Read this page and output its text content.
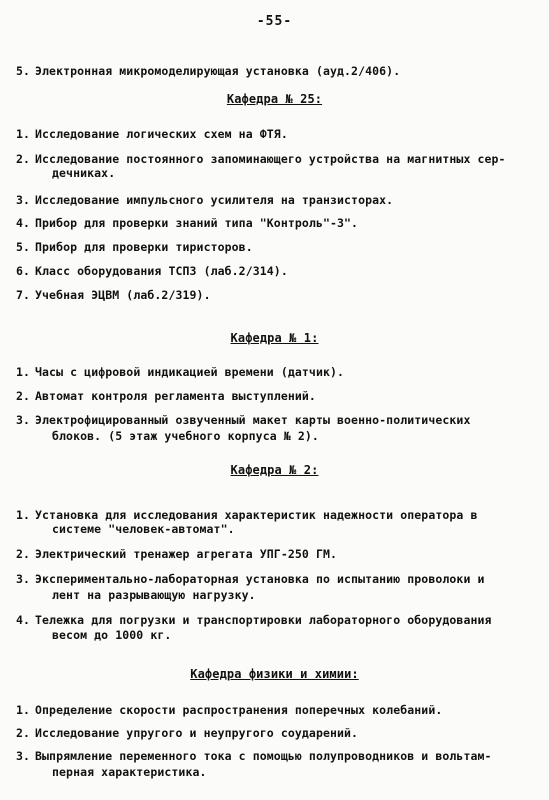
-55-
5. Электронная микромоделирующая установка (ауд.2/406).
Кафедра № 25:
1. Исследование логических схем на ФТЯ.
2. Исследование постоянного запоминающего устройства на магнитных сер-
дечниках.
3. Исследование импульсного усилителя на транзисторах.
4. Прибор для проверки знаний типа "Контроль"-3".
5. Прибор для проверки тиристоров.
6. Класс оборудования ТСПЗ (лаб.2/314).
7. Учебная ЭЦВМ (лаб.2/319).
Кафедра № 1:
1. Часы с цифровой индикацией времени (датчик).
2. Автомат контроля регламента выступлений.
3. Электрофицированный озвученный макет карты военно-политических
блоков. (5 этаж учебного корпуса № 2).
Кафедра № 2:
1. Установка для исследования характеристик надежности оператора в
системе "человек-автомат".
2. Электрический тренажер агрегата УПГ-250 ГМ.
3. Экспериментально-лабораторная установка по испытанию проволоки и
лент на разрывающую нагрузку.
4. Тележка для погрузки и транспортировки лабораторного оборудования
весом до 1000 кг.
Кафедра физики и химии:
1. Определение скорости распространения поперечных колебаний.
2. Исследование упругого и неупругого соударений.
3. Выпрямление переменного тока с помощью полупроводников и вольтам-
перная характеристика.
